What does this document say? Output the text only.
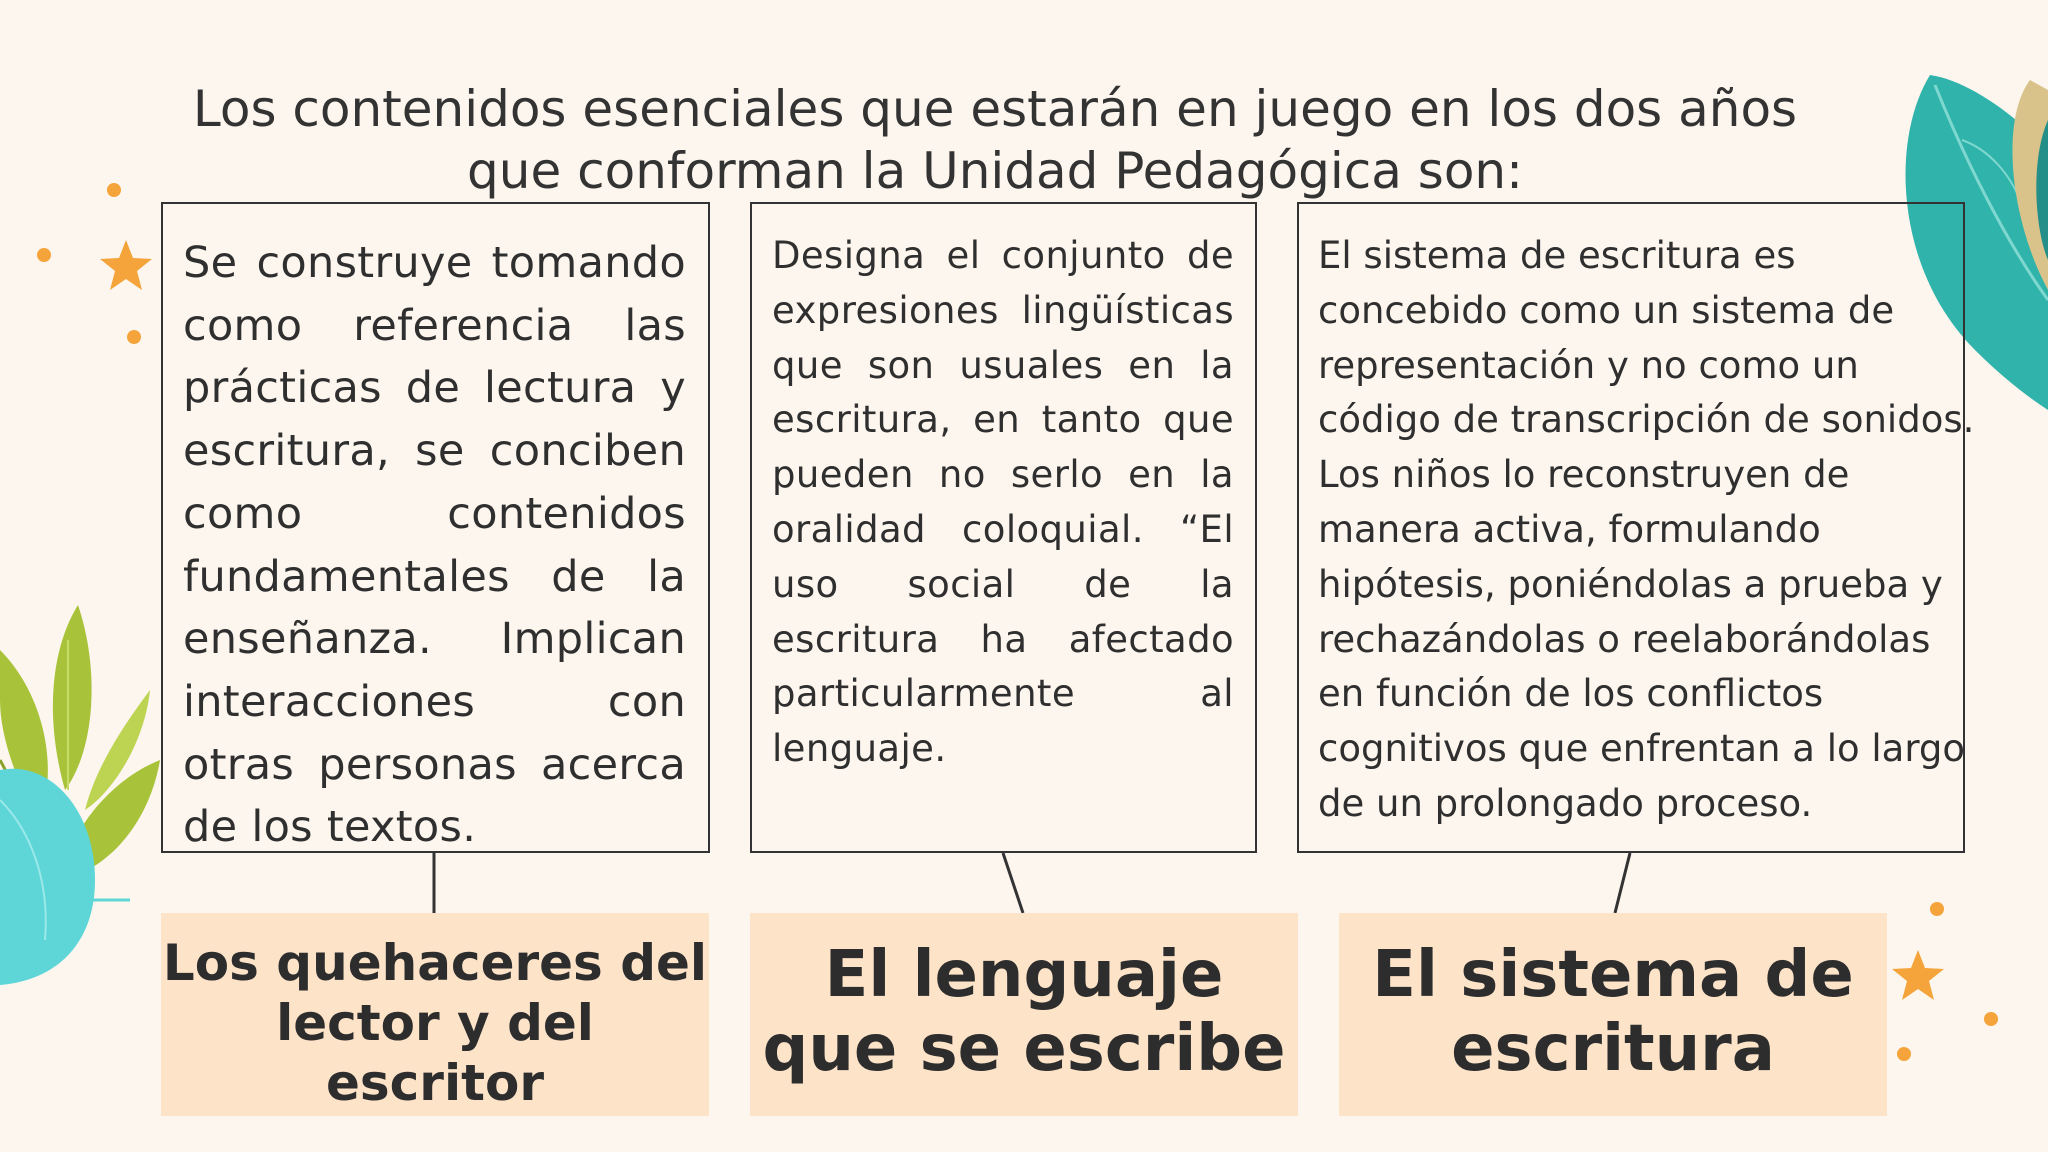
Los contenidos esenciales que estarán en juego en los dos años que conforman la Unidad Pedagógica son:

Se construye tomando como referencia las prácticas de lectura y escritura, se conciben como contenidos fundamentales de la enseñanza. Implican interacciones con otras personas acerca de los textos.

Designa el conjunto de expresiones lingüísticas que son usuales en la escritura, en tanto que pueden no serlo en la oralidad coloquial. “El uso social de la escritura ha afectado particularmente al lenguaje.

El sistema de escritura es concebido como un sistema de representación y no como un código de transcripción de sonidos. Los niños lo reconstruyen de manera activa, formulando hipótesis, poniéndolas a prueba y rechazándolas o reelaborándolas en función de los conflictos cognitivos que enfrentan a lo largo de un prolongado proceso.

Los quehaceres del lector y del escritor
El lenguaje que se escribe
El sistema de escritura
